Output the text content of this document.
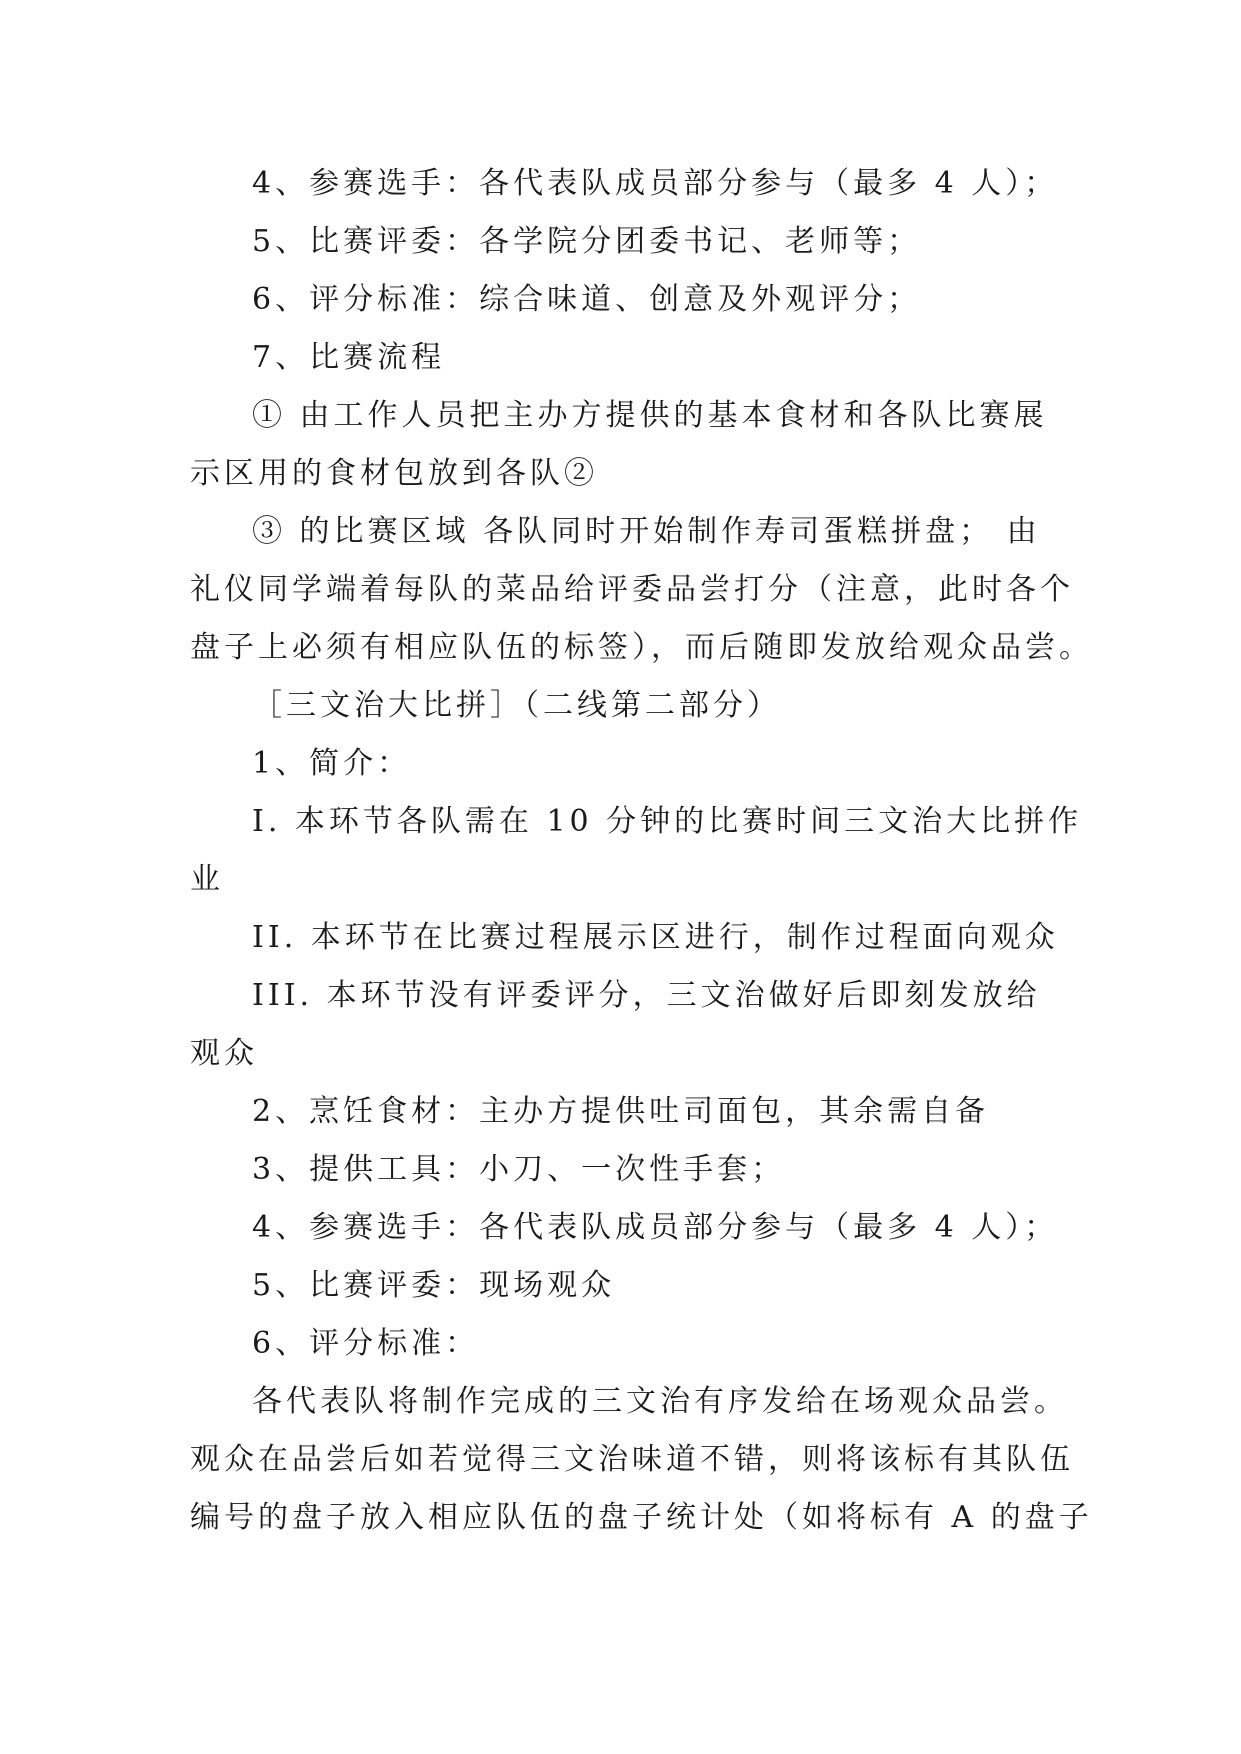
4、参赛选手：各代表队成员部分参与（最多 4 人）；

5、比赛评委：各学院分团委书记、老师等；

6、评分标准：综合味道、创意及外观评分；

7、比赛流程

① 由工作人员把主办方提供的基本食材和各队比赛展
示区用的食材包放到各队②

③ 的比赛区域 各队同时开始制作寿司蛋糕拼盘； 由
礼仪同学端着每队的菜品给评委品尝打分（注意，此时各个
盘子上必须有相应队伍的标签），而后随即发放给观众品尝。

［三文治大比拼］（二线第二部分）

1、简介：

I. 本环节各队需在 10 分钟的比赛时间三文治大比拼作
业

II. 本环节在比赛过程展示区进行，制作过程面向观众

III. 本环节没有评委评分，三文治做好后即刻发放给
观众

2、烹饪食材：主办方提供吐司面包，其余需自备

3、提供工具：小刀、一次性手套；

4、参赛选手：各代表队成员部分参与（最多 4 人）；

5、比赛评委：现场观众

6、评分标准：

各代表队将制作完成的三文治有序发给在场观众品尝。
观众在品尝后如若觉得三文治味道不错，则将该标有其队伍
编号的盘子放入相应队伍的盘子统计处（如将标有 A 的盘子
